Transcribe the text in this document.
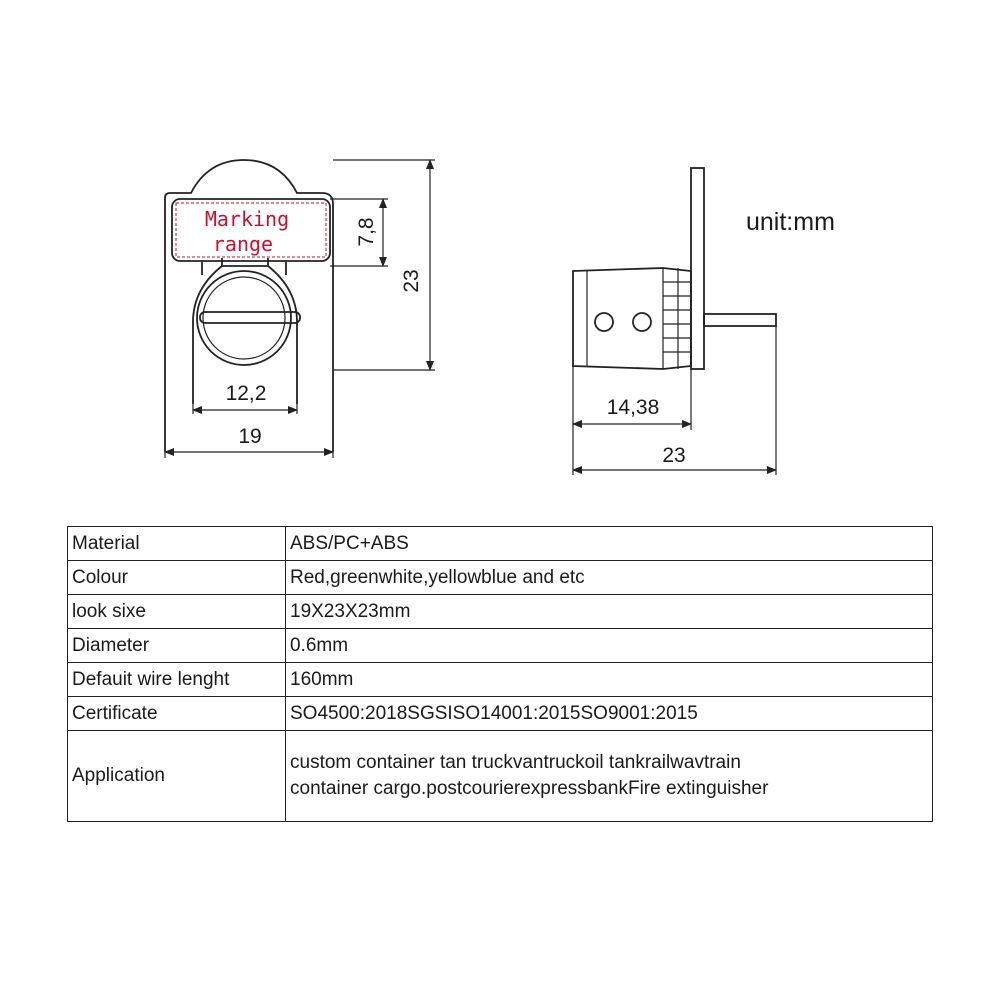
Marking
range	7,8
23
12,2
19
14,38
23
unit:mm
Material	ABS/PC+ABS
Colour	Red,greenwhite,yellowblue and etc
look sixe	19X23X23mm
Diameter	0.6mm
Defauit wire lenght	160mm
Certificate	SO4500:2018SGSISO14001:2015SO9001:2015
Application	custom container tan truckvantruckoil tankrailwavtrain
container cargo.postcourierexpressbankFire extinguisher
